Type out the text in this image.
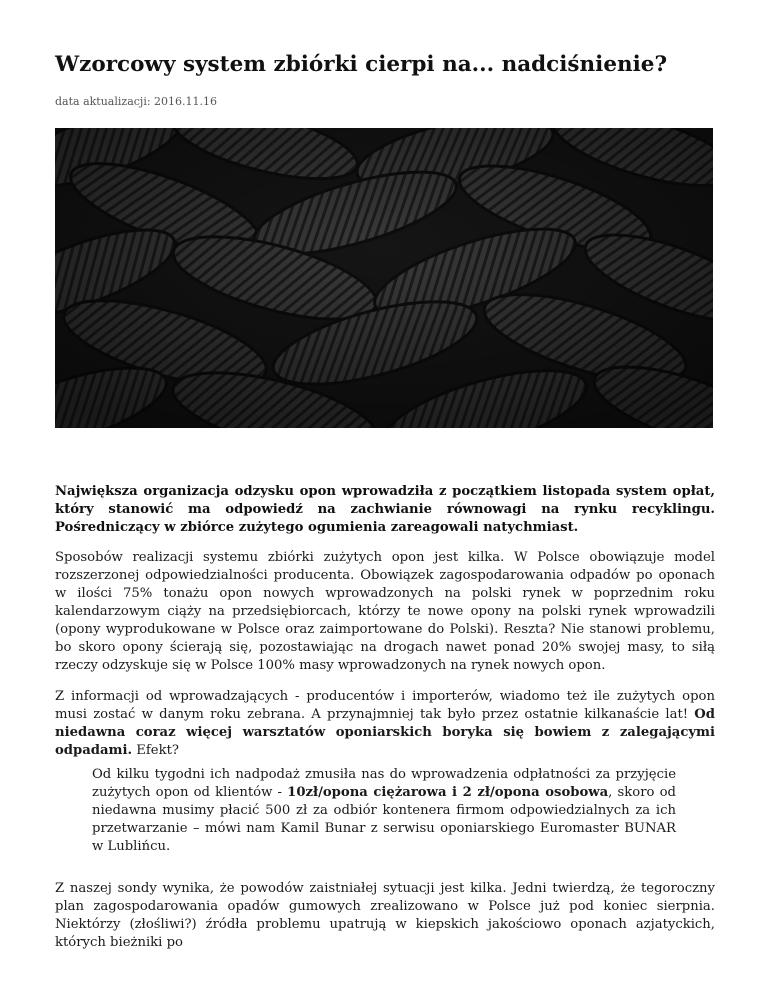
Wzorcowy system zbiórki cierpi na... nadciśnienie?
data aktualizacji: 2016.11.16

Największa organizacja odzysku opon wprowadziła z początkiem listopada system opłat, który stanowić ma odpowiedź na zachwianie równowagi na rynku recyklingu. Pośredniczący w zbiórce zużytego ogumienia zareagowali natychmiast.

Sposobów realizacji systemu zbiórki zużytych opon jest kilka. W Polsce obowiązuje model rozszerzonej odpowiedzialności producenta. Obowiązek zagospodarowania odpadów po oponach w ilości 75% tonażu opon nowych wprowadzonych na polski rynek w poprzednim roku kalendarzowym ciąży na przedsiębiorcach, którzy te nowe opony na polski rynek wprowadzili (opony wyprodukowane w Polsce oraz zaimportowane do Polski). Reszta? Nie stanowi problemu, bo skoro opony ścierają się, pozostawiając na drogach nawet ponad 20% swojej masy, to siłą rzeczy odzyskuje się w Polsce 100% masy wprowadzonych na rynek nowych opon.

Z informacji od wprowadzających - producentów i importerów, wiadomo też ile zużytych opon musi zostać w danym roku zebrana. A przynajmniej tak było przez ostatnie kilkanaście lat! Od niedawna coraz więcej warsztatów oponiarskich boryka się bowiem z zalegającymi odpadami. Efekt?

Od kilku tygodni ich nadpodaż zmusiła nas do wprowadzenia odpłatności za przyjęcie zużytych opon od klientów - 10zł/opona ciężarowa i 2 zł/opona osobowa, skoro od niedawna musimy płacić 500 zł za odbiór kontenera firmom odpowiedzialnych za ich przetwarzanie – mówi nam Kamil Bunar z serwisu oponiarskiego Euromaster BUNAR w Lublińcu.

Z naszej sondy wynika, że powodów zaistniałej sytuacji jest kilka. Jedni twierdzą, że tegoroczny plan zagospodarowania opadów gumowych zrealizowano w Polsce już pod koniec sierpnia. Niektórzy (złośliwi?) źródła problemu upatrują w kiepskich jakościowo oponach azjatyckich, których bieżniki po
